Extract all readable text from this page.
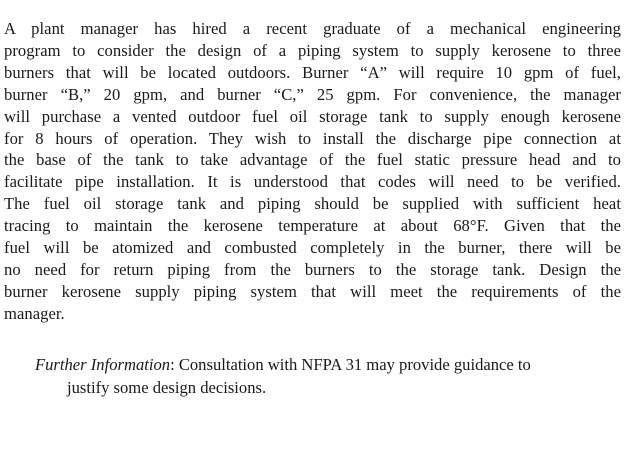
A plant manager has hired a recent graduate of a mechanical engineering
program to consider the design of a piping system to supply kerosene to three
burners that will be located outdoors. Burner “A” will require 10 gpm of fuel,
burner “B,” 20 gpm, and burner “C,” 25 gpm. For convenience, the manager
will purchase a vented outdoor fuel oil storage tank to supply enough kerosene
for 8 hours of operation. They wish to install the discharge pipe connection at
the base of the tank to take advantage of the fuel static pressure head and to
facilitate pipe installation. It is understood that codes will need to be verified.
The fuel oil storage tank and piping should be supplied with sufficient heat
tracing to maintain the kerosene temperature at about 68°F. Given that the
fuel will be atomized and combusted completely in the burner, there will be
no need for return piping from the burners to the storage tank. Design the
burner kerosene supply piping system that will meet the requirements of the
manager.

Further Information: Consultation with NFPA 31 may provide guidance to
justify some design decisions.
